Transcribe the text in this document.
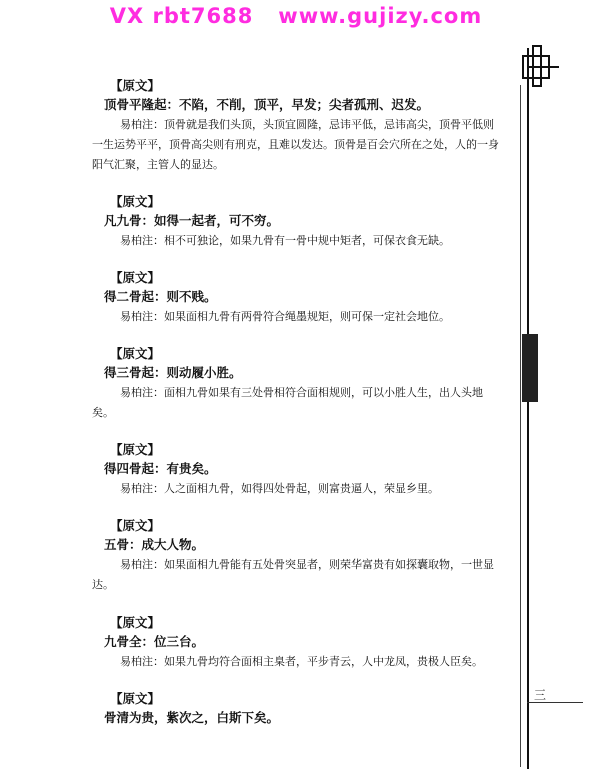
VX rbt7688   www.gujizy.com
三
【原文】
顶骨平隆起：不陷，不削，顶平，早发；尖者孤刑、迟发。
易柏注：顶骨就是我们头顶，头顶宜圆隆，忌讳平低，忌讳高尖，顶骨平低则一生运势平平，顶骨高尖则有刑克，且难以发达。顶骨是百会穴所在之处，人的一身阳气汇聚，主管人的显达。
【原文】
凡九骨：如得一起者，可不穷。
易柏注：相不可独论，如果九骨有一骨中规中矩者，可保衣食无缺。
【原文】
得二骨起：则不贱。
易柏注：如果面相九骨有两骨符合绳墨规矩，则可保一定社会地位。
【原文】
得三骨起：则动履小胜。
易柏注：面相九骨如果有三处骨相符合面相规则，可以小胜人生，出人头地矣。
【原文】
得四骨起：有贵矣。
易柏注：人之面相九骨，如得四处骨起，则富贵逼人，荣显乡里。
【原文】
五骨：成大人物。
易柏注：如果面相九骨能有五处骨突显者，则荣华富贵有如探囊取物，一世显达。
【原文】
九骨全：位三台。
易柏注：如果九骨均符合面相主臬者，平步青云，人中龙凤，贵极人臣矣。
【原文】
骨清为贵，紫次之，白斯下矣。
